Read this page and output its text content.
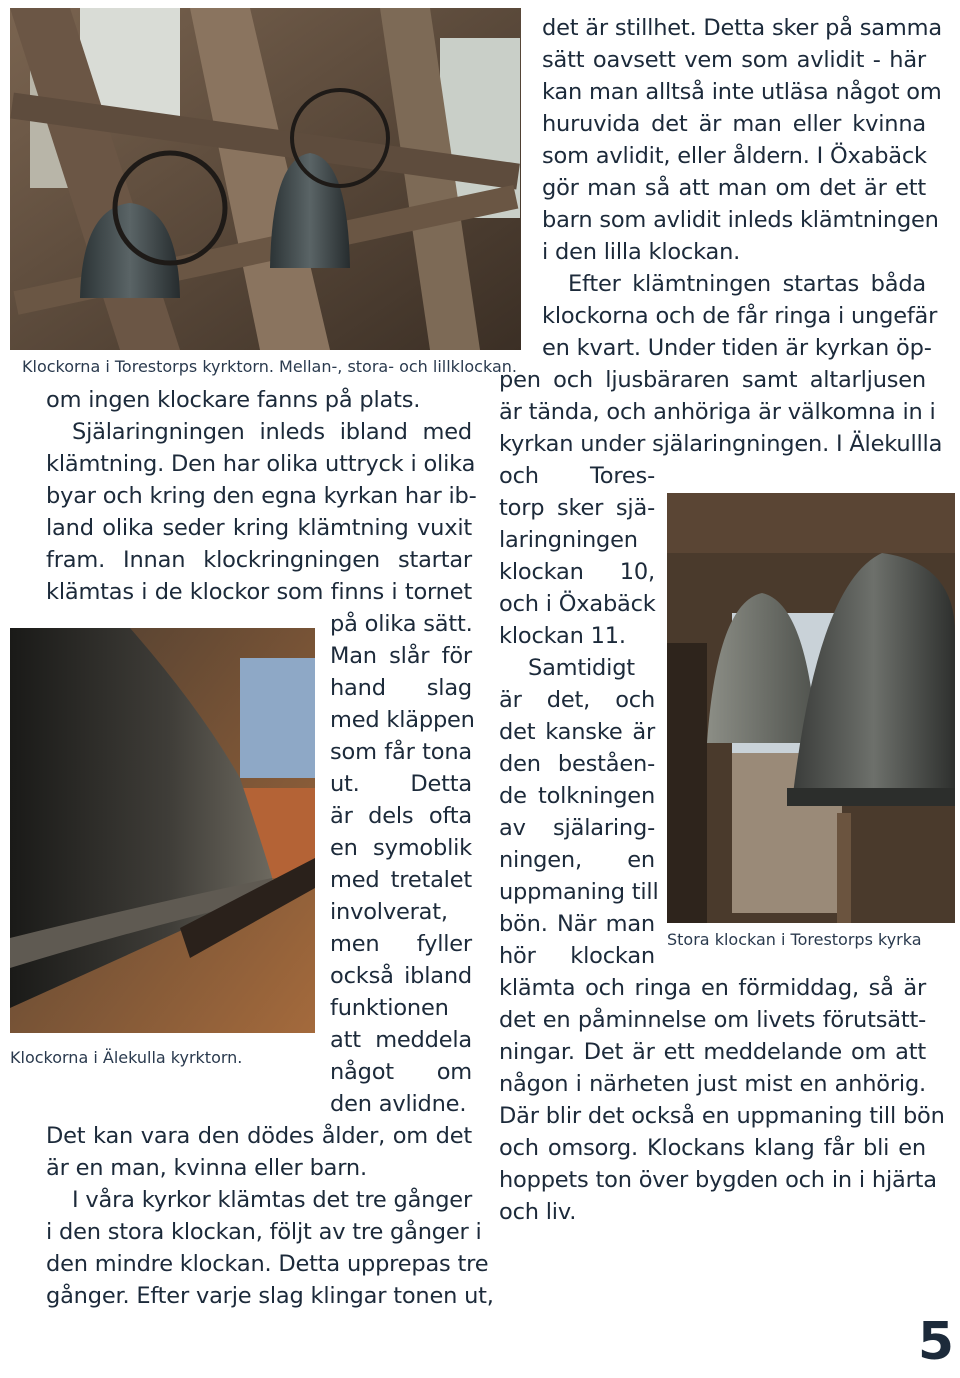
Klockorna i Torestorps kyrktorn. Mellan-, stora- och lillklockan.
Klockorna i Älekulla kyrktorn.
Stora klockan i Torestorps kyrka
om ingen klockare fanns på plats.
Själaringningen inleds ibland med
klämtning. Den har olika uttryck i olika
byar och kring den egna kyrkan har ib-
land olika seder kring klämtning vuxit
fram. Innan klockringningen startar
klämtas i de klockor som finns i tornet
på olika sätt.
Man slår för
hand slag
med kläppen
som får tona
ut. Detta
är dels ofta
en symoblik
med tretalet
involverat,
men fyller
också ibland
funktionen
att meddela
något om
den avlidne.
Det kan vara den dödes ålder, om det
är en man, kvinna eller barn.
I våra kyrkor klämtas det tre gånger
i den stora klockan, följt av tre gånger i
den mindre klockan. Detta upprepas tre
gånger. Efter varje slag klingar tonen ut,
det är stillhet. Detta sker på samma
sätt oavsett vem som avlidit - här
kan man alltså inte utläsa något om
huruvida det är man eller kvinna
som avlidit, eller åldern. I Öxabäck
gör man så att man om det är ett
barn som avlidit inleds klämtningen
i den lilla klockan.
Efter klämtningen startas båda
klockorna och de får ringa i ungefär
en kvart. Under tiden är kyrkan öp-
pen och ljusbäraren samt altarljusen
är tända, och anhöriga är välkomna in i
kyrkan under själaringningen. I Älekullla
och Tores-
torp sker sjä-
laringningen
klockan 10,
och i Öxabäck
klockan 11.
Samtidigt
är det, och
det kanske är
den beståen-
de tolkningen
av själaring-
ningen, en
uppmaning till
bön. När man
hör klockan
klämta och ringa en förmiddag, så är
det en påminnelse om livets förutsätt-
ningar. Det är ett meddelande om att
någon i närheten just mist en anhörig.
Där blir det också en uppmaning till bön
och omsorg. Klockans klang får bli en
hoppets ton över bygden och in i hjärta
och liv.
5
